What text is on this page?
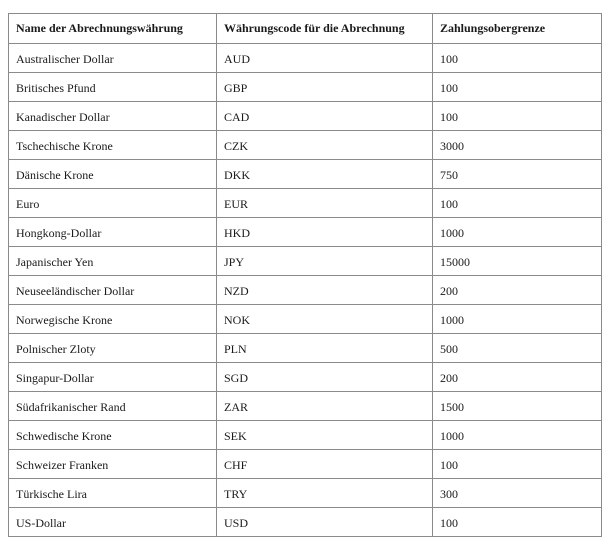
Name der Abrechnungswährung	Währungscode für die Abrechnung	Zahlungsobergrenze
Australischer Dollar	AUD	100
Britisches Pfund	GBP	100
Kanadischer Dollar	CAD	100
Tschechische Krone	CZK	3000
Dänische Krone	DKK	750
Euro	EUR	100
Hongkong-Dollar	HKD	1000
Japanischer Yen	JPY	15000
Neuseeländischer Dollar	NZD	200
Norwegische Krone	NOK	1000
Polnischer Zloty	PLN	500
Singapur-Dollar	SGD	200
Südafrikanischer Rand	ZAR	1500
Schwedische Krone	SEK	1000
Schweizer Franken	CHF	100
Türkische Lira	TRY	300
US-Dollar	USD	100
